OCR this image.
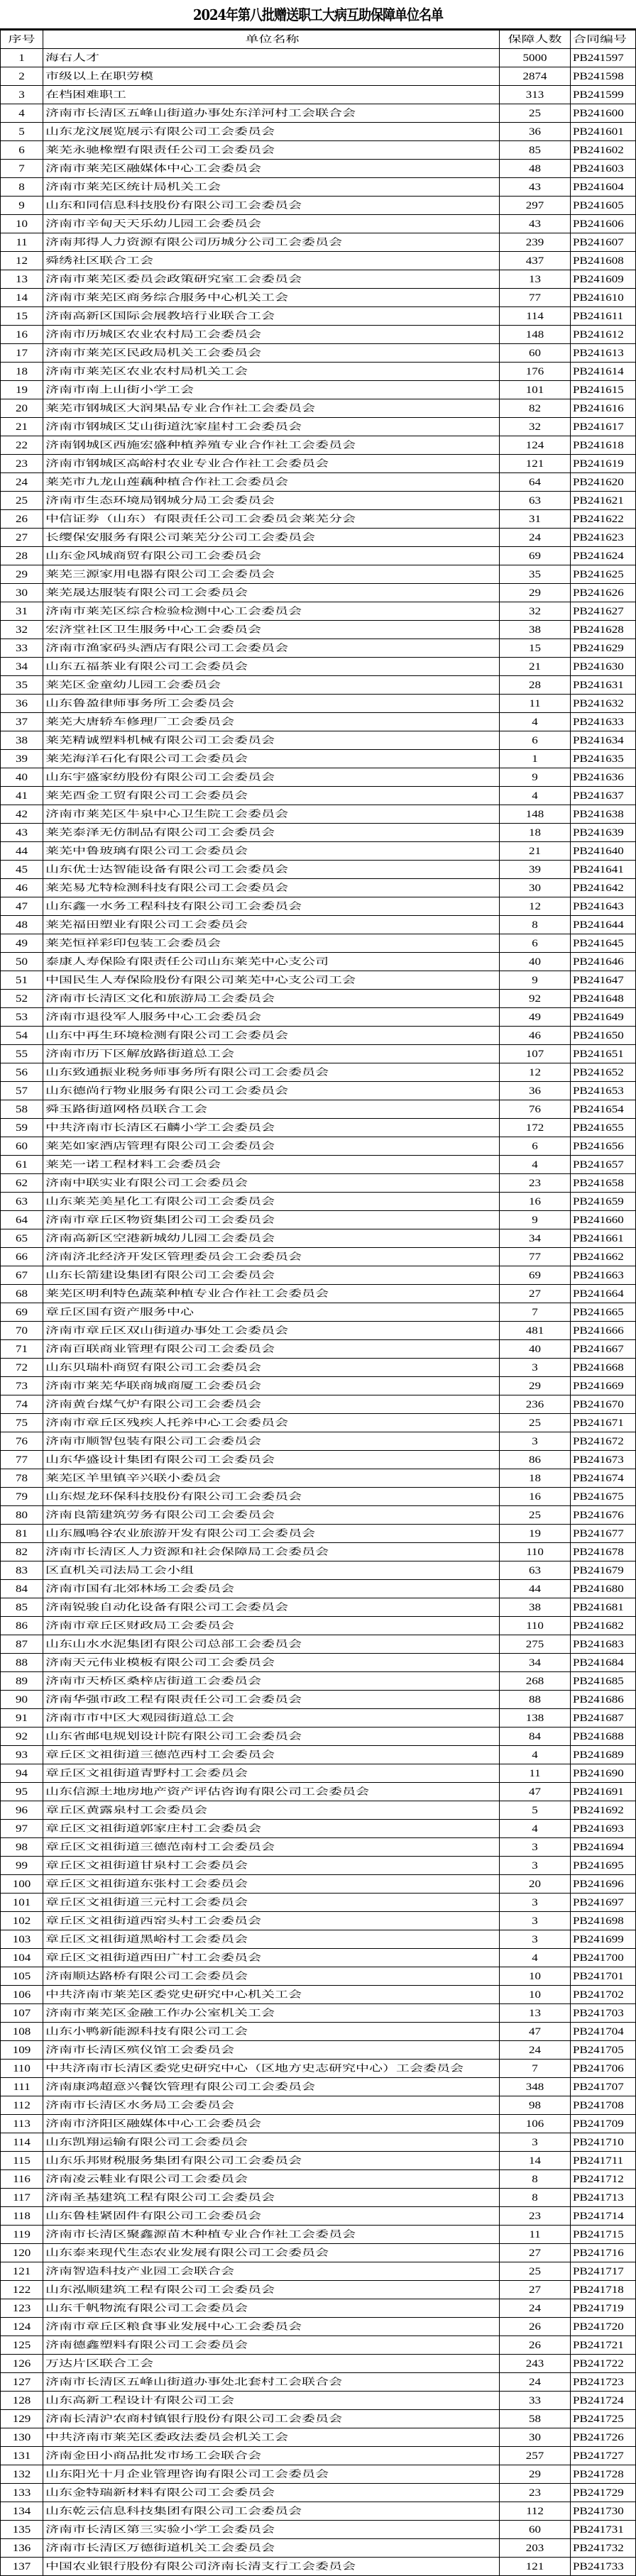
2024年第八批赠送职工大病互助保障单位名单
序号	单位名称	保障人数	合同编号
1	海右人才	5000	PB241597
2	市级以上在职劳模	2874	PB241598
3	在档困难职工	313	PB241599
4	济南市长清区五峰山街道办事处东洋河村工会联合会	25	PB241600
5	山东龙汶展览展示有限公司工会委员会	36	PB241601
6	莱芜永驰橡塑有限责任公司工会委员会	85	PB241602
7	济南市莱芜区融媒体中心工会委员会	48	PB241603
8	济南市莱芜区统计局机关工会	43	PB241604
9	山东和同信息科技股份有限公司工会委员会	297	PB241605
10	济南市辛甸天天乐幼儿园工会委员会	43	PB241606
11	济南邦得人力资源有限公司历城分公司工会委员会	239	PB241607
12	舜绣社区联合工会	437	PB241608
13	济南市莱芜区委员会政策研究室工会委员会	13	PB241609
14	济南市莱芜区商务综合服务中心机关工会	77	PB241610
15	济南高新区国际会展教培行业联合工会	114	PB241611
16	济南市历城区农业农村局工会委员会	148	PB241612
17	济南市莱芜区民政局机关工会委员会	60	PB241613
18	济南市莱芜区农业农村局机关工会	176	PB241614
19	济南市南上山街小学工会	101	PB241615
20	莱芜市钢城区大润果品专业合作社工会委员会	82	PB241616
21	济南市钢城区艾山街道沈家崖村工会委员会	32	PB241617
22	济南钢城区西施宏盛种植养殖专业合作社工会委员会	124	PB241618
23	济南市钢城区高峪村农业专业合作社工会委员会	121	PB241619
24	莱芜市九龙山莲藕种植合作社工会委员会	64	PB241620
25	济南市生态环境局钢城分局工会委员会	63	PB241621
26	中信证券（山东）有限责任公司工会委员会莱芜分会	31	PB241622
27	长缨保安服务有限公司莱芜分公司工会委员会	24	PB241623
28	山东金风城商贸有限公司工会委员会	69	PB241624
29	莱芜三源家用电器有限公司工会委员会	35	PB241625
30	莱芜晟达服装有限公司工会委员会	29	PB241626
31	济南市莱芜区综合检验检测中心工会委员会	32	PB241627
32	宏济堂社区卫生服务中心工会委员会	38	PB241628
33	济南市渔家码头酒店有限公司工会委员会	15	PB241629
34	山东五福茶业有限公司工会委员会	21	PB241630
35	莱芜区金童幼儿园工会委员会	28	PB241631
36	山东鲁盈律师事务所工会委员会	11	PB241632
37	莱芜大唐轿车修理厂工会委员会	4	PB241633
38	莱芜精诚塑料机械有限公司工会委员会	6	PB241634
39	莱芜海洋石化有限公司工会委员会	1	PB241635
40	山东宇盛家纺股份有限公司工会委员会	9	PB241636
41	莱芜酉金工贸有限公司工会委员会	4	PB241637
42	济南市莱芜区牛泉中心卫生院工会委员会	148	PB241638
43	莱芜泰泽无仿制品有限公司工会委员会	18	PB241639
44	莱芜中鲁玻璃有限公司工会委员会	21	PB241640
45	山东优士达智能设备有限公司工会委员会	39	PB241641
46	莱芜易尤特检测科技有限公司工会委员会	30	PB241642
47	山东鑫一水务工程科技有限公司工会委员会	12	PB241643
48	莱芜福田塑业有限公司工会委员会	8	PB241644
49	莱芜恒祥彩印包装工会委员会	6	PB241645
50	泰康人寿保险有限责任公司山东莱芜中心支公司	40	PB241646
51	中国民生人寿保险股份有限公司莱芜中心支公司工会	9	PB241647
52	济南市长清区文化和旅游局工会委员会	92	PB241648
53	济南市退役军人服务中心工会委员会	49	PB241649
54	山东中再生环境检测有限公司工会委员会	46	PB241650
55	济南市历下区解放路街道总工会	107	PB241651
56	山东致通振业税务师事务所有限公司工会委员会	12	PB241652
57	山东德尚行物业服务有限公司工会委员会	36	PB241653
58	舜玉路街道网格员联合工会	76	PB241654
59	中共济南市长清区石麟小学工会委员会	172	PB241655
60	莱芜如家酒店管理有限公司工会委员会	6	PB241656
61	莱芜一诺工程材料工会委员会	4	PB241657
62	济南中联实业有限公司工会委员会	23	PB241658
63	山东莱芜美星化工有限公司工会委员会	16	PB241659
64	济南市章丘区物资集团公司工会委员会	9	PB241660
65	济南高新区空港新城幼儿园工会委员会	34	PB241661
66	济南济北经济开发区管理委员会工会委员会	77	PB241662
67	山东长箭建设集团有限公司工会委员会	69	PB241663
68	莱芜区明利特色蔬菜种植专业合作社工会委员会	27	PB241664
69	章丘区国有资产服务中心	7	PB241665
70	济南市章丘区双山街道办事处工会委员会	481	PB241666
71	济南百联商业管理有限公司工会委员会	40	PB241667
72	山东贝瑞朴商贸有限公司工会委员会	3	PB241668
73	济南市莱芜华联商城商厦工会委员会	29	PB241669
74	济南黄台煤气炉有限公司工会委员会	236	PB241670
75	济南市章丘区残疾人托养中心工会委员会	25	PB241671
76	济南市顺智包装有限公司工会委员会	3	PB241672
77	山东华盛设计集团有限公司工会委员会	86	PB241673
78	莱芜区羊里镇辛兴联小委员会	18	PB241674
79	山东煜龙环保科技股份有限公司工会委员会	16	PB241675
80	济南良箭建筑劳务有限公司工会委员会	25	PB241676
81	山东鳳鳴谷农业旅游开发有限公司工会委员会	19	PB241677
82	济南市长清区人力资源和社会保障局工会委员会	110	PB241678
83	区直机关司法局工会小组	63	PB241679
84	济南市国有北郊林场工会委员会	44	PB241680
85	济南锐骏自动化设备有限公司工会委员会	38	PB241681
86	济南市章丘区财政局工会委员会	110	PB241682
87	山东山水水泥集团有限公司总部工会委员会	275	PB241683
88	济南天元伟业模板有限公司工会委员会	34	PB241684
89	济南市天桥区桑梓店街道工会委员会	268	PB241685
90	济南华强市政工程有限责任公司工会委员会	88	PB241686
91	济南市市中区大观园街道总工会	138	PB241687
92	山东省邮电规划设计院有限公司工会委员会	84	PB241688
93	章丘区文祖街道三德范西村工会委员会	4	PB241689
94	章丘区文祖街道青野村工会委员会	11	PB241690
95	山东信源土地房地产资产评估咨询有限公司工会委员会	47	PB241691
96	章丘区黄露泉村工会委员会	5	PB241692
97	章丘区文祖街道郭家庄村工会委员会	4	PB241693
98	章丘区文祖街道三德范南村工会委员会	3	PB241694
99	章丘区文祖街道甘泉村工会委员会	3	PB241695
100	章丘区文祖街道东张村工会委员会	20	PB241696
101	章丘区文祖街道三元村工会委员会	3	PB241697
102	章丘区文祖街道西窑头村工会委员会	3	PB241698
103	章丘区文祖街道黑峪村工会委员会	3	PB241699
104	章丘区文祖街道西田广村工会委员会	4	PB241700
105	济南顺达路桥有限公司工会委员会	10	PB241701
106	中共济南市莱芜区委党史研究中心机关工会	10	PB241702
107	济南市莱芜区金融工作办公室机关工会	13	PB241703
108	山东小鸭新能源科技有限公司工会	47	PB241704
109	济南市长清区殡仪馆工会委员会	24	PB241705
110	中共济南市长清区委党史研究中心（区地方史志研究中心）工会委员会	7	PB241706
111	济南康鸿超意兴餐饮管理有限公司工会委员会	348	PB241707
112	济南市长清区水务局工会委员会	98	PB241708
113	济南市济阳区融媒体中心工会委员会	106	PB241709
114	山东凯翔运输有限公司工会委员会	3	PB241710
115	山东乐邦财税服务集团有限公司工会委员会	14	PB241711
116	济南凌云鞋业有限公司工会委员会	8	PB241712
117	济南圣基建筑工程有限公司工会委员会	8	PB241713
118	山东鲁桂紧固件有限公司工会委员会	23	PB241714
119	济南市长清区聚鑫源苗木种植专业合作社工会委员会	11	PB241715
120	山东泰来现代生态农业发展有限公司工会委员会	27	PB241716
121	济南智造科技产业园工会联合会	25	PB241717
122	山东泓顺建筑工程有限公司工会委员会	27	PB241718
123	山东千帆物流有限公司工会委员会	24	PB241719
124	济南市章丘区粮食事业发展中心工会委员会	26	PB241720
125	济南德鑫塑料有限公司工会委员会	26	PB241721
126	万达片区联合工会	243	PB241722
127	济南市长清区五峰山街道办事处北套村工会联合会	24	PB241723
128	山东高新工程设计有限公司工会	33	PB241724
129	济南长清沪农商村镇银行股份有限公司工会委员会	58	PB241725
130	中共济南市莱芜区委政法委员会机关工会	30	PB241726
131	济南金田小商品批发市场工会联合会	257	PB241727
132	山东阳光十月企业管理咨询有限公司工会委员会	29	PB241728
133	山东金特瑞新材料有限公司工会委员会	23	PB241729
134	山东乾云信息科技集团有限公司工会委员会	112	PB241730
135	济南市长清区第三实验小学工会委员会	60	PB241731
136	济南市长清区万德街道机关工会委员会	203	PB241732
137	中国农业银行股份有限公司济南长清支行工会委员会	121	PB241733
